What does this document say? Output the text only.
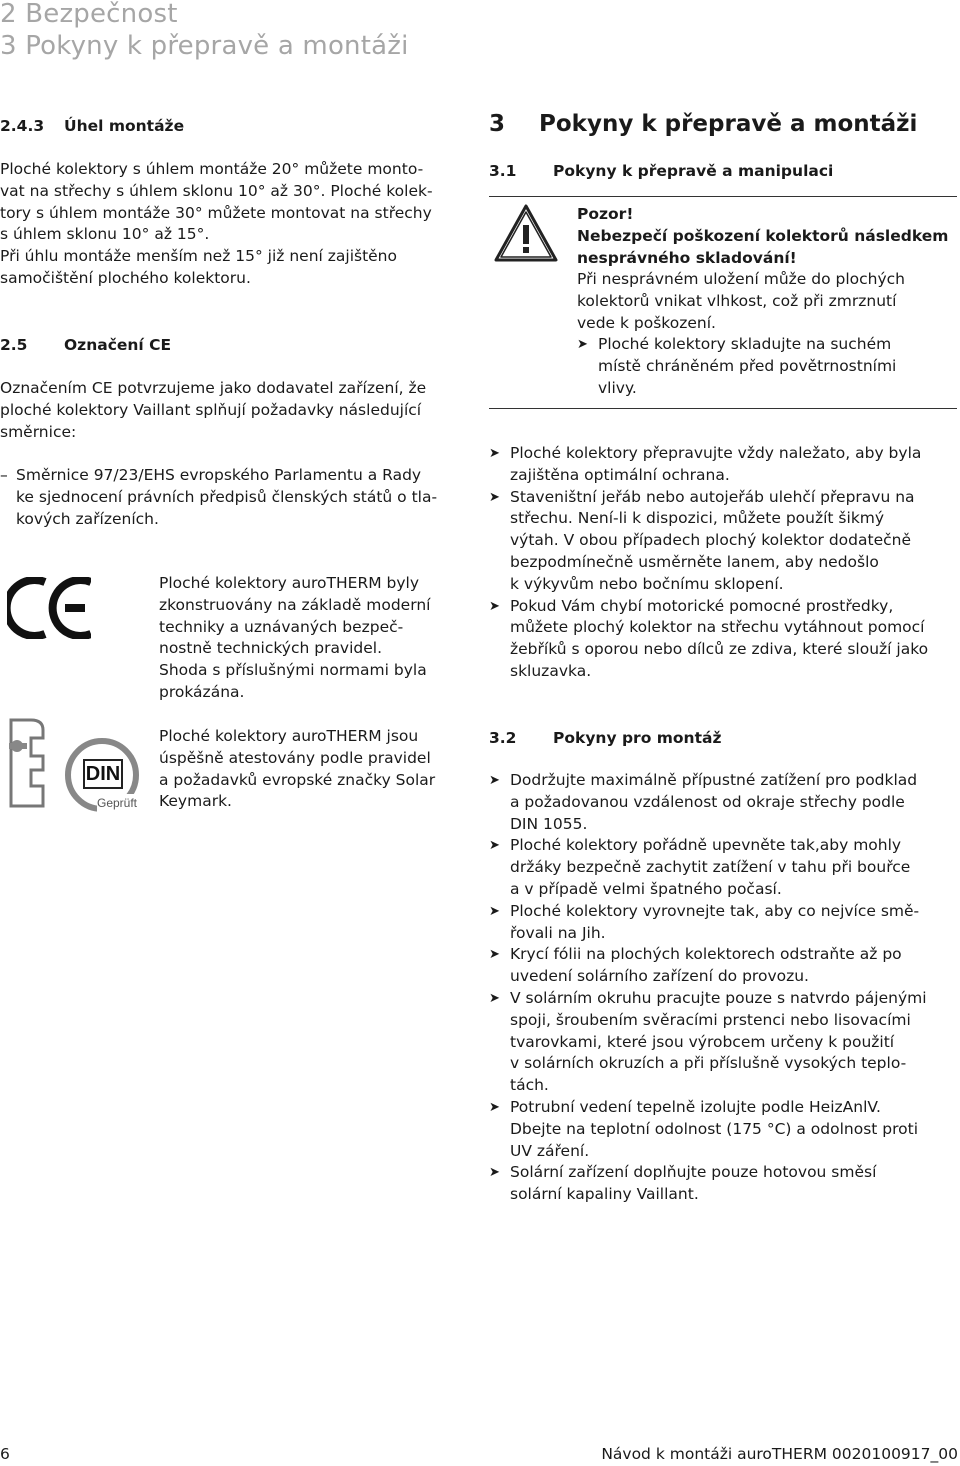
2 Bezpečnost
3 Pokyny k přepravě a montáži
2.4.3 Úhel montáže
Ploché kolektory s úhlem montáže 20° můžete monto-
vat na střechy s úhlem sklonu 10° až 30°. Ploché kolek-
tory s úhlem montáže 30° můžete montovat na střechy
s úhlem sklonu 10° až 15°.
Při úhlu montáže menším než 15° již není zajištěno
samočištění plochého kolektoru.
2.5 Označení CE
Označením CE potvrzujeme jako dodavatel zařízení, že
ploché kolektory Vaillant splňují požadavky následující
směrnice:
– Směrnice 97/23/EHS evropského Parlamentu a Rady
ke sjednocení právních předpisů členských států o tla-
kových zařízeních.
Ploché kolektory auroTHERM byly
zkonstruovány na základě moderní
techniky a uznávaných bezpeč-
nostně technických pravidel.
Shoda s příslušnými normami byla
prokázána.
DIN
Geprüft
Ploché kolektory auroTHERM jsou
úspěšně atestovány podle pravidel
a požadavků evropské značky Solar
Keymark.
3 Pokyny k přepravě a montáži
3.1 Pokyny k přepravě a manipulaci
Pozor!
Nebezpečí poškození kolektorů následkem
nesprávného skladování!
Při nesprávném uložení může do plochých
kolektorů vnikat vlhkost, což při zmrznutí
vede k poškození.
➤ Ploché kolektory skladujte na suchém
místě chráněném před povětrnostními
vlivy.
➤ Ploché kolektory přepravujte vždy naležato, aby byla
zajištěna optimální ochrana.
➤ Staveništní jeřáb nebo autojeřáb ulehčí přepravu na
střechu. Není-li k dispozici, můžete použít šikmý
výtah. V obou případech plochý kolektor dodatečně
bezpodmínečně usměrněte lanem, aby nedošlo
k výkyvům nebo bočnímu sklopení.
➤ Pokud Vám chybí motorické pomocné prostředky,
můžete plochý kolektor na střechu vytáhnout pomocí
žebříků s oporou nebo dílců ze zdiva, které slouží jako
skluzavka.
3.2 Pokyny pro montáž
➤ Dodržujte maximálně přípustné zatížení pro podklad
a požadovanou vzdálenost od okraje střechy podle
DIN 1055.
➤ Ploché kolektory pořádně upevněte tak,aby mohly
držáky bezpečně zachytit zatížení v tahu při bouřce
a v případě velmi špatného počasí.
➤ Ploché kolektory vyrovnejte tak, aby co nejvíce smě-
řovali na Jih.
➤ Krycí fólii na plochých kolektorech odstraňte až po
uvedení solárního zařízení do provozu.
➤ V solárním okruhu pracujte pouze s natvrdo pájenými
spoji, šroubením svěracími prstenci nebo lisovacími
tvarovkami, které jsou výrobcem určeny k použití
v solárních okruzích a při příslušně vysokých teplo-
tách.
➤ Potrubní vedení tepelně izolujte podle HeizAnlV.
Dbejte na teplotní odolnost (175 °C) a odolnost proti
UV záření.
➤ Solární zařízení doplňujte pouze hotovou směsí
solární kapaliny Vaillant.
6	Návod k montáži auroTHERM 0020100917_00
